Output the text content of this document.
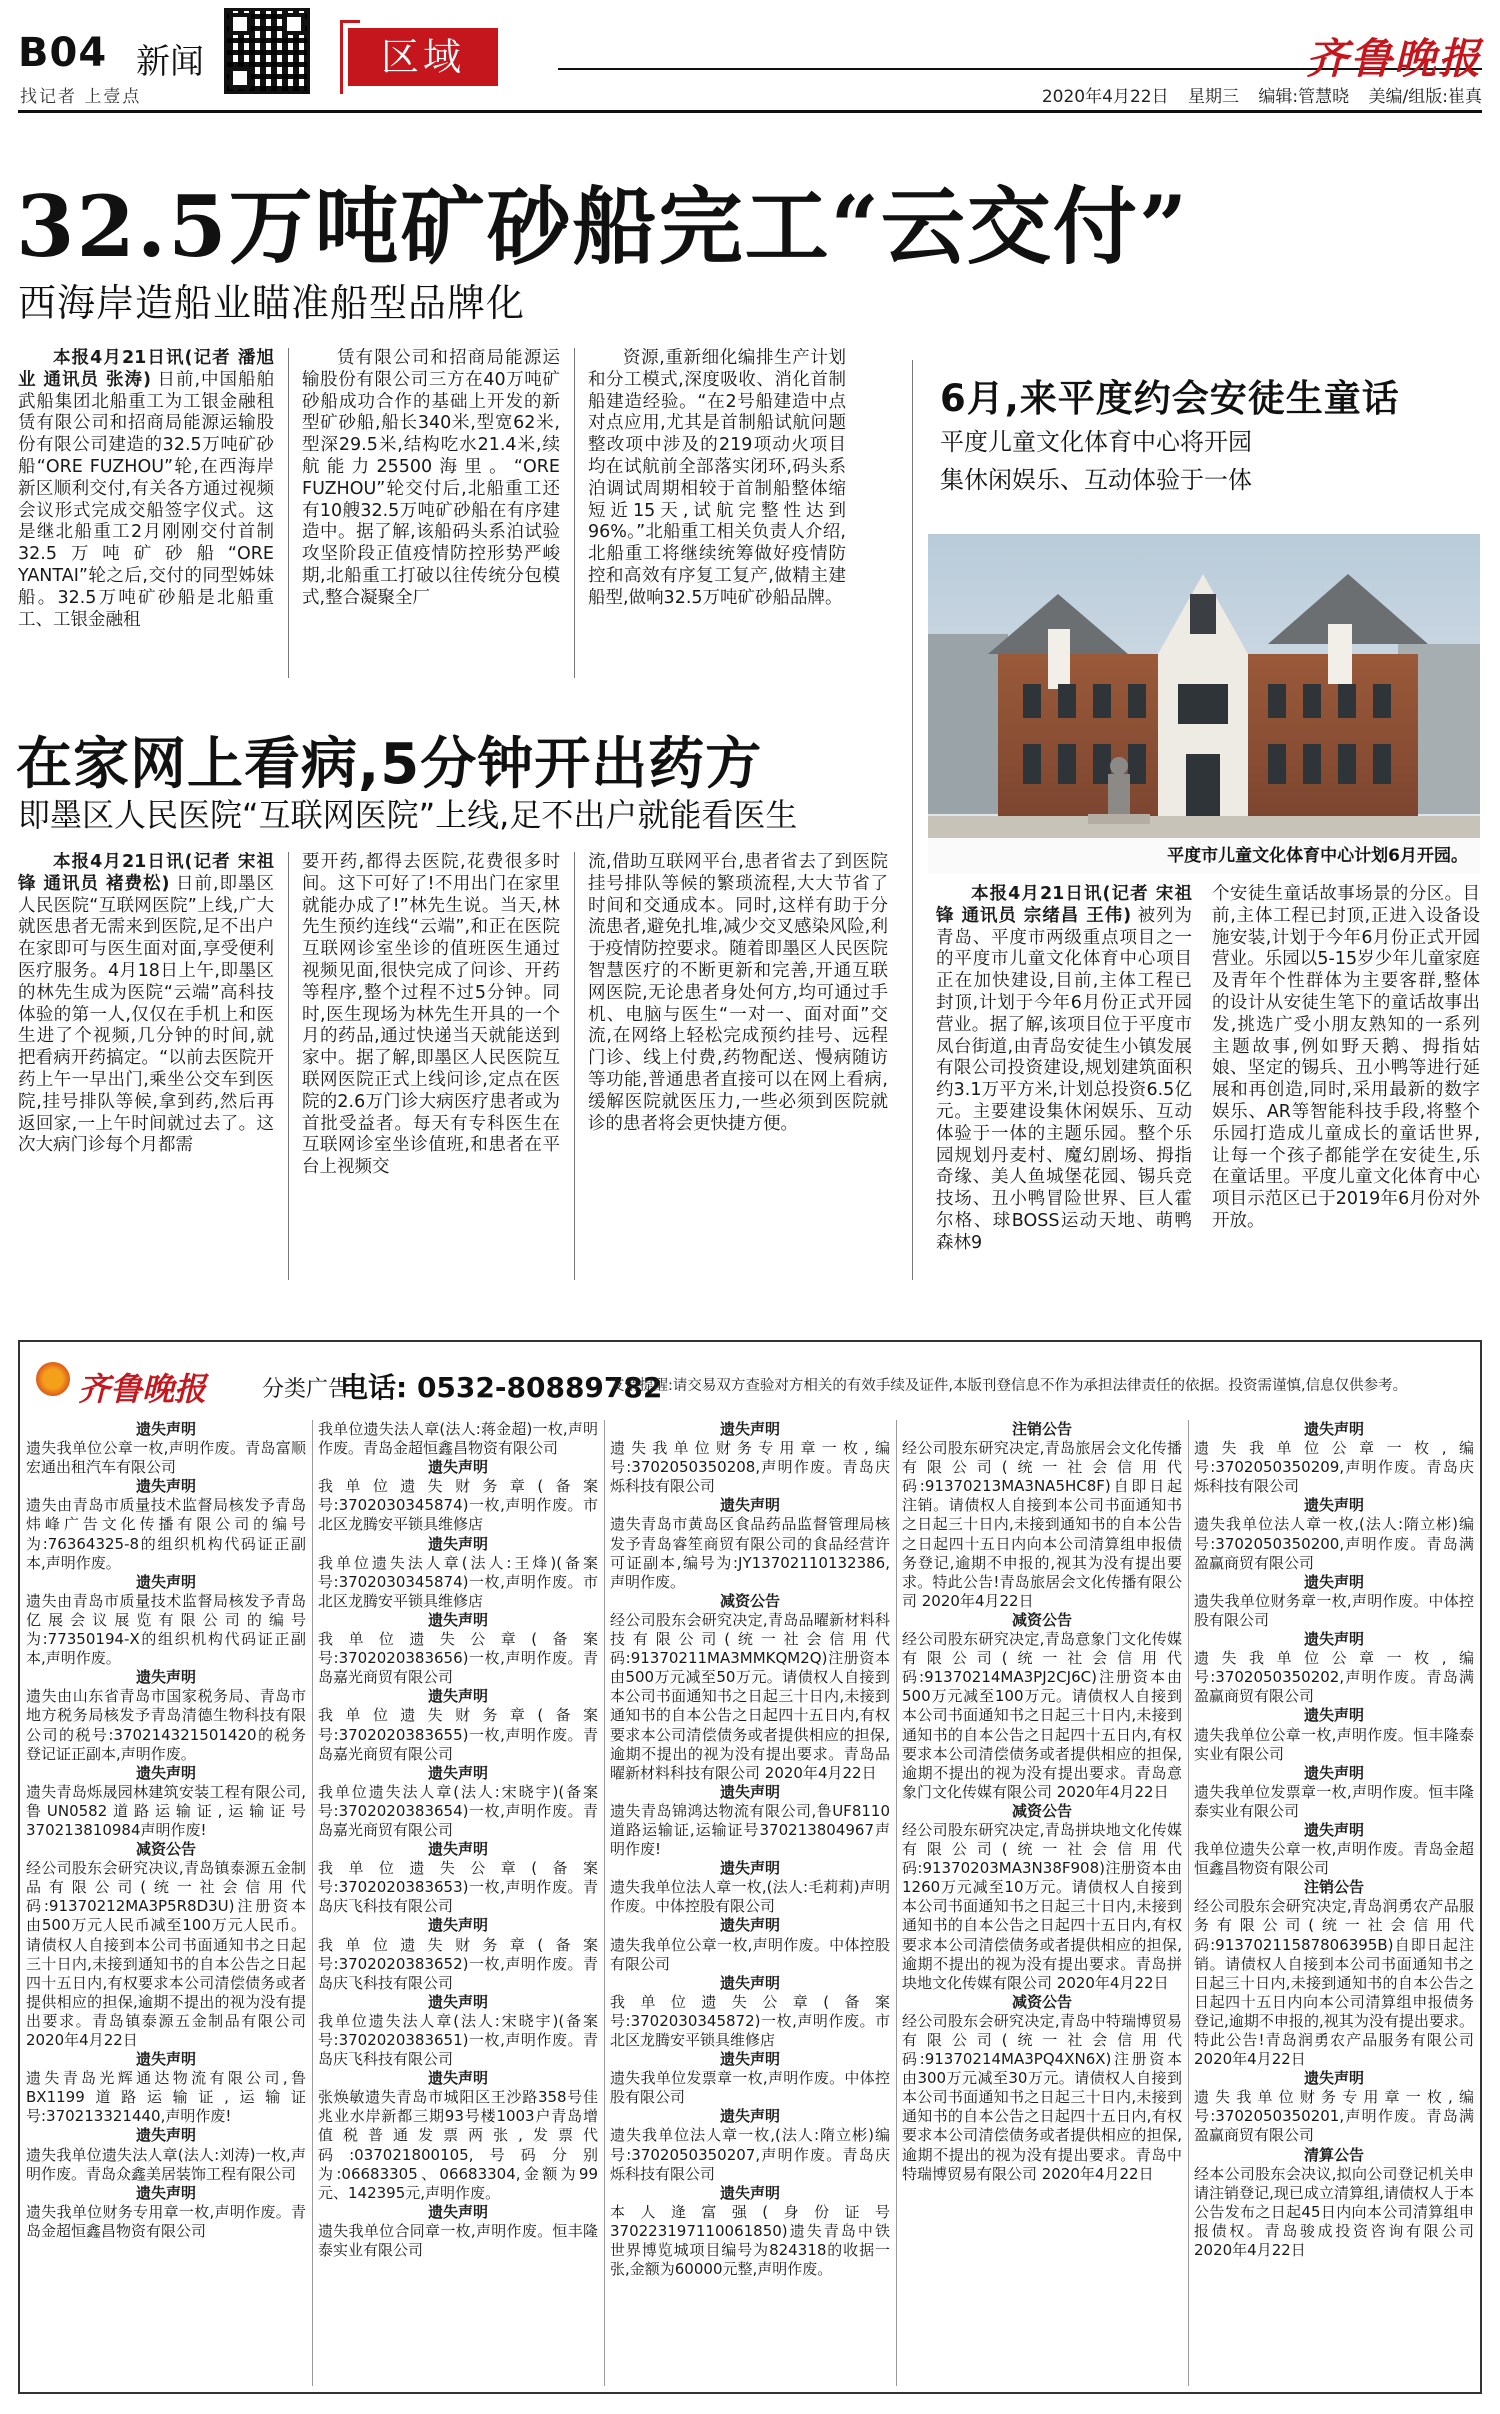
B04 新闻
找记者 上壹点
区域	齐鲁晚报
2020年4月22日 星期三 编辑:管慧晓 美编/组版:崔真
32.5万吨矿砂船完工“云交付”
西海岸造船业瞄准船型品牌化
本报4月21日讯(记者 潘旭业 通讯员 张涛) 日前,中国船舶武船集团北船重工为工银金融租赁有限公司和招商局能源运输股份有限公司建造的32.5万吨矿砂船“ORE FUZHOU”轮,在西海岸新区顺利交付,有关各方通过视频会议形式完成交船签字仪式。这是继北船重工2月刚刚交付首制32.5万吨矿砂船“ORE YANTAI”轮之后,交付的同型姊妹船。32.5万吨矿砂船是北船重工、工银金融租
赁有限公司和招商局能源运输股份有限公司三方在40万吨矿砂船成功合作的基础上开发的新型矿砂船,船长340米,型宽62米,型深29.5米,结构吃水21.4米,续航能力25500海里。“ORE FUZHOU”轮交付后,北船重工还有10艘32.5万吨矿砂船在有序建造中。据了解,该船码头系泊试验攻坚阶段正值疫情防控形势严峻期,北船重工打破以往传统分包模式,整合凝聚全厂
资源,重新细化编排生产计划和分工模式,深度吸收、消化首制船建造经验。“在2号船建造中点对点应用,尤其是首制船试航问题整改项中涉及的219项动火项目均在试航前全部落实闭环,码头系泊调试周期相较于首制船整体缩短近15天,试航完整性达到96%。”北船重工相关负责人介绍,北船重工将继续统筹做好疫情防控和高效有序复工复产,做精主建船型,做响32.5万吨矿砂船品牌。
6月,来平度约会安徒生童话
平度儿童文化体育中心将开园
集休闲娱乐、互动体验于一体
平度市儿童文化体育中心计划6月开园。
本报4月21日讯(记者 宋祖锋 通讯员 宗绪昌 王伟) 被列为青岛、平度市两级重点项目之一的平度市儿童文化体育中心项目正在加快建设,目前,主体工程已封顶,计划于今年6月份正式开园营业。据了解,该项目位于平度市凤台街道,由青岛安徒生小镇发展有限公司投资建设,规划建筑面积约3.1万平方米,计划总投资6.5亿元。主要建设集休闲娱乐、互动体验于一体的主题乐园。整个乐园规划丹麦村、魔幻剧场、拇指奇缘、美人鱼城堡花园、锡兵竞技场、丑小鸭冒险世界、巨人霍尔格、球BOSS运动天地、萌鸭森林9
个安徒生童话故事场景的分区。目前,主体工程已封顶,正进入设备设施安装,计划于今年6月份正式开园营业。乐园以5-15岁少年儿童家庭及青年个性群体为主要客群,整体的设计从安徒生笔下的童话故事出发,挑选广受小朋友熟知的一系列主题故事,例如野天鹅、拇指姑娘、坚定的锡兵、丑小鸭等进行延展和再创造,同时,采用最新的数字娱乐、AR等智能科技手段,将整个乐园打造成儿童成长的童话世界,让每一个孩子都能学在安徒生,乐在童话里。平度儿童文化体育中心项目示范区已于2019年6月份对外开放。
在家网上看病,5分钟开出药方
即墨区人民医院“互联网医院”上线,足不出户就能看医生
本报4月21日讯(记者 宋祖锋 通讯员 褚费松) 日前,即墨区人民医院“互联网医院”上线,广大就医患者无需来到医院,足不出户在家即可与医生面对面,享受便利医疗服务。4月18日上午,即墨区的林先生成为医院“云端”高科技体验的第一人,仅仅在手机上和医生进了个视频,几分钟的时间,就把看病开药搞定。“以前去医院开药上午一早出门,乘坐公交车到医院,挂号排队等候,拿到药,然后再返回家,一上午时间就过去了。这次大病门诊每个月都需
要开药,都得去医院,花费很多时间。这下可好了!不用出门在家里就能办成了!”林先生说。当天,林先生预约连线“云端”,和正在医院互联网诊室坐诊的值班医生通过视频见面,很快完成了问诊、开药等程序,整个过程不过5分钟。同时,医生现场为林先生开具的一个月的药品,通过快递当天就能送到家中。据了解,即墨区人民医院互联网医院正式上线问诊,定点在医院的2.6万门诊大病医疗患者或为首批受益者。每天有专科医生在互联网诊室坐诊值班,和患者在平台上视频交
流,借助互联网平台,患者省去了到医院挂号排队等候的繁琐流程,大大节省了时间和交通成本。同时,这样有助于分流患者,避免扎堆,减少交叉感染风险,利于疫情防控要求。随着即墨区人民医院智慧医疗的不断更新和完善,开通互联网医院,无论患者身处何方,均可通过手机、电脑与医生“一对一、面对面”交流,在网络上轻松完成预约挂号、远程门诊、线上付费,药物配送、慢病随访等功能,普通患者直接可以在网上看病,缓解医院就医压力,一些必须到医院就诊的患者将会更快捷方便。
齐鲁晚报	分类广告
电话: 0532-80889782
友情提醒:请交易双方查验对方相关的有效手续及证件,本版刊登信息不作为承担法律责任的依据。投资需谨慎,信息仅供参考。
遗失声明
遗失我单位公章一枚,声明作废。青岛富顺宏通出租汽车有限公司
遗失声明
遗失由青岛市质量技术监督局核发予青岛炜峰广告文化传播有限公司的编号为:76364325-8的组织机构代码证正副本,声明作废。
遗失声明
遗失由青岛市质量技术监督局核发予青岛亿展会议展览有限公司的编号为:77350194-X的组织机构代码证正副本,声明作废。
遗失声明
遗失由山东省青岛市国家税务局、青岛市地方税务局核发予青岛清德生物科技有限公司的税号:370214321501420的税务登记证正副本,声明作废。
遗失声明
遗失青岛烁晟园林建筑安装工程有限公司,鲁UN0582道路运输证,运输证号370213810984声明作废!
减资公告
经公司股东会研究决议,青岛镇泰源五金制品有限公司(统一社会信用代码:91370212MA3P5R8D3U)注册资本由500万元人民币减至100万元人民币。请债权人自接到本公司书面通知书之日起三十日内,未接到通知书的自本公告之日起四十五日内,有权要求本公司清偿债务或者提供相应的担保,逾期不提出的视为没有提出要求。青岛镇泰源五金制品有限公司 2020年4月22日
遗失声明
遗失青岛光辉通达物流有限公司,鲁BX1199道路运输证,运输证号:370213321440,声明作废!
遗失声明
遗失我单位遗失法人章(法人:刘涛)一枚,声明作废。青岛众鑫美居装饰工程有限公司
遗失声明
遗失我单位财务专用章一枚,声明作废。青岛金超恒鑫昌物资有限公司
我单位遗失法人章(法人:蒋金超)一枚,声明作废。青岛金超恒鑫昌物资有限公司
遗失声明
我单位遗失财务章(备案号:3702030345874)一枚,声明作废。市北区龙腾安平锁具维修店
遗失声明
我单位遗失法人章(法人:王烽)(备案号:3702030345874)一枚,声明作废。市北区龙腾安平锁具维修店
遗失声明
我单位遗失公章(备案号:3702020383656)一枚,声明作废。青岛嘉光商贸有限公司
遗失声明
我单位遗失财务章(备案号:3702020383655)一枚,声明作废。青岛嘉光商贸有限公司
遗失声明
我单位遗失法人章(法人:宋晓宇)(备案号:3702020383654)一枚,声明作废。青岛嘉光商贸有限公司
遗失声明
我单位遗失公章(备案号:3702020383653)一枚,声明作废。青岛庆飞科技有限公司
遗失声明
我单位遗失财务章(备案号:3702020383652)一枚,声明作废。青岛庆飞科技有限公司
遗失声明
我单位遗失法人章(法人:宋晓宇)(备案号:3702020383651)一枚,声明作废。青岛庆飞科技有限公司
遗失声明
张焕敏遗失青岛市城阳区王沙路358号佳兆业水岸新都三期93号楼1003户青岛增值税普通发票两张,发票代码:037021800105,号码分别为:06683305、06683304,金额为99元、142395元,声明作废。
遗失声明
遗失我单位合同章一枚,声明作废。恒丰隆泰实业有限公司
遗失声明
遗失我单位财务专用章一枚,编号:3702050350208,声明作废。青岛庆烁科技有限公司
遗失声明
遗失青岛市黄岛区食品药品监督管理局核发予青岛睿笙商贸有限公司的食品经营许可证副本,编号为:JY13702110132386,声明作废。
减资公告
经公司股东会研究决定,青岛品曜新材料科技有限公司(统一社会信用代码:91370211MA3MMKQM2Q)注册资本由500万元减至50万元。请债权人自接到本公司书面通知书之日起三十日内,未接到通知书的自本公告之日起四十五日内,有权要求本公司清偿债务或者提供相应的担保,逾期不提出的视为没有提出要求。青岛品曜新材料科技有限公司 2020年4月22日
遗失声明
遗失青岛锦鸿达物流有限公司,鲁UF8110道路运输证,运输证号370213804967声明作废!
遗失声明
遗失我单位法人章一枚,(法人:毛莉莉)声明作废。中体控股有限公司
遗失声明
遗失我单位公章一枚,声明作废。中体控股有限公司
遗失声明
我单位遗失公章(备案号:3702030345872)一枚,声明作废。市北区龙腾安平锁具维修店
遗失声明
遗失我单位发票章一枚,声明作废。中体控股有限公司
遗失声明
遗失我单位法人章一枚,(法人:隋立彬)编号:3702050350207,声明作废。青岛庆烁科技有限公司
遗失声明
本人逄富强(身份证号370223197110061850)遗失青岛中铁世界博览城项目编号为824318的收据一张,金额为60000元整,声明作废。
注销公告
经公司股东研究决定,青岛旅居会文化传播有限公司(统一社会信用代码:91370213MA3NA5HC8F)自即日起注销。请债权人自接到本公司书面通知书之日起三十日内,未接到通知书的自本公告之日起四十五日内向本公司清算组申报债务登记,逾期不申报的,视其为没有提出要求。特此公告!青岛旅居会文化传播有限公司 2020年4月22日
减资公告
经公司股东研究决定,青岛意象门文化传媒有限公司(统一社会信用代码:91370214MA3PJ2CJ6C)注册资本由500万元减至100万元。请债权人自接到本公司书面通知书之日起三十日内,未接到通知书的自本公告之日起四十五日内,有权要求本公司清偿债务或者提供相应的担保,逾期不提出的视为没有提出要求。青岛意象门文化传媒有限公司 2020年4月22日
减资公告
经公司股东研究决定,青岛拼块地文化传媒有限公司(统一社会信用代码:91370203MA3N38F908)注册资本由1260万元减至10万元。请债权人自接到本公司书面通知书之日起三十日内,未接到通知书的自本公告之日起四十五日内,有权要求本公司清偿债务或者提供相应的担保,逾期不提出的视为没有提出要求。青岛拼块地文化传媒有限公司 2020年4月22日
减资公告
经公司股东会研究决定,青岛中特瑞博贸易有限公司(统一社会信用代码:91370214MA3PQ4XN6X)注册资本由300万元减至30万元。请债权人自接到本公司书面通知书之日起三十日内,未接到通知书的自本公告之日起四十五日内,有权要求本公司清偿债务或者提供相应的担保,逾期不提出的视为没有提出要求。青岛中特瑞博贸易有限公司 2020年4月22日
遗失声明
遗失我单位公章一枚,编号:3702050350209,声明作废。青岛庆烁科技有限公司
遗失声明
遗失我单位法人章一枚,(法人:隋立彬)编号:3702050350200,声明作废。青岛满盈赢商贸有限公司
遗失声明
遗失我单位财务章一枚,声明作废。中体控股有限公司
遗失声明
遗失我单位公章一枚,编号:3702050350202,声明作废。青岛满盈赢商贸有限公司
遗失声明
遗失我单位公章一枚,声明作废。恒丰隆泰实业有限公司
遗失声明
遗失我单位发票章一枚,声明作废。恒丰隆泰实业有限公司
遗失声明
我单位遗失公章一枚,声明作废。青岛金超恒鑫昌物资有限公司
注销公告
经公司股东会研究决定,青岛润勇农产品服务有限公司(统一社会信用代码:91370211587806395B)自即日起注销。请债权人自接到本公司书面通知书之日起三十日内,未接到通知书的自本公告之日起四十五日内向本公司清算组申报债务登记,逾期不申报的,视其为没有提出要求。特此公告!青岛润勇农产品服务有限公司 2020年4月22日
遗失声明
遗失我单位财务专用章一枚,编号:3702050350201,声明作废。青岛满盈赢商贸有限公司
清算公告
经本公司股东会决议,拟向公司登记机关申请注销登记,现已成立清算组,请债权人于本公告发布之日起45日内向本公司清算组申报债权。青岛骏成投资咨询有限公司 2020年4月22日
